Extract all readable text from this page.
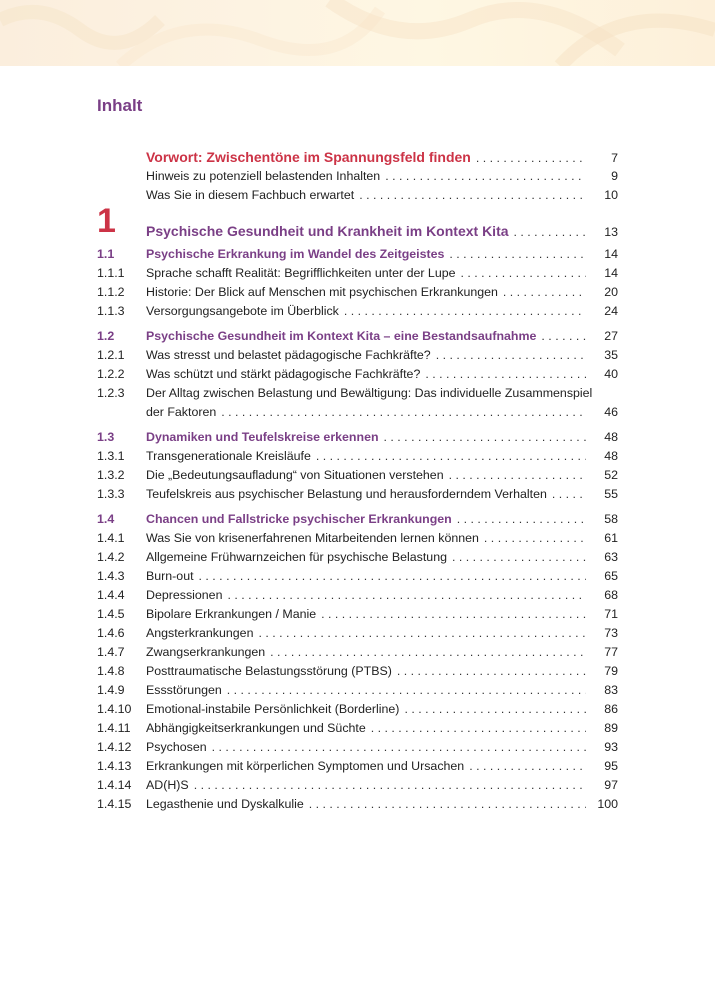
Inhalt
Vorwort: Zwischentöne im Spannungsfeld finden . . .	7
Hinweis zu potenziell belastenden Inhalten . . .	9
Was Sie in diesem Fachbuch erwartet . . .	10
1 Psychische Gesundheit und Krankheit im Kontext Kita . . .	13
1.1	Psychische Erkrankung im Wandel des Zeitgeistes . . .	14
1.1.1	Sprache schafft Realität: Begrifflichkeiten unter der Lupe . . .	14
1.1.2	Historie: Der Blick auf Menschen mit psychischen Erkrankungen . . .	20
1.1.3	Versorgungsangebote im Überblick . . .	24
1.2	Psychische Gesundheit im Kontext Kita – eine Bestandsaufnahme . . .	27
1.2.1	Was stresst und belastet pädagogische Fachkräfte? . . .	35
1.2.2	Was schützt und stärkt pädagogische Fachkräfte? . . .	40
1.2.3	Der Alltag zwischen Belastung und Bewältigung: Das individuelle Zusammenspiel
der Faktoren . . .	46
1.3	Dynamiken und Teufelskreise erkennen . . .	48
1.3.1	Transgenerationale Kreisläufe . . .	48
1.3.2	Die „Bedeutungsaufladung“ von Situationen verstehen . . .	52
1.3.3	Teufelskreis aus psychischer Belastung und herausforderndem Verhalten . . .	55
1.4	Chancen und Fallstricke psychischer Erkrankungen . . .	58
1.4.1	Was Sie von krisenerfahrenen Mitarbeitenden lernen können . . .	61
1.4.2	Allgemeine Frühwarnzeichen für psychische Belastung . . .	63
1.4.3	Burn-out . . .	65
1.4.4	Depressionen . . .	68
1.4.5	Bipolare Erkrankungen / Manie . . .	71
1.4.6	Angsterkrankungen . . .	73
1.4.7	Zwangserkrankungen . . .	77
1.4.8	Posttraumatische Belastungsstörung (PTBS) . . .	79
1.4.9	Essstörungen . . .	83
1.4.10	Emotional-instabile Persönlichkeit (Borderline) . . .	86
1.4.11	Abhängigkeitserkrankungen und Süchte . . .	89
1.4.12	Psychosen . . .	93
1.4.13	Erkrankungen mit körperlichen Symptomen und Ursachen . . .	95
1.4.14	AD(H)S . . .	97
1.4.15	Legasthenie und Dyskalkulie . . .	100
